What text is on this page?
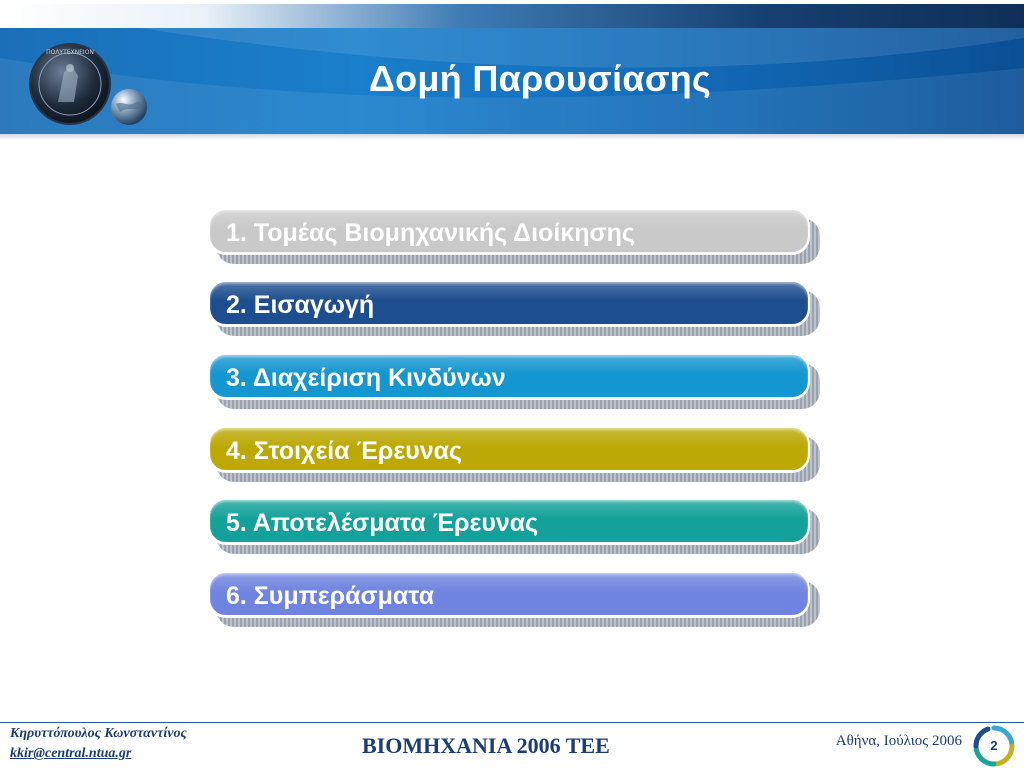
ΠΟΛΥΤΕΧΝΕΙΟΝ
Δομή Παρουσίασης
1. Τομέας Βιομηχανικής Διοίκησης
2. Εισαγωγή
3. Διαχείριση Κινδύνων
4. Στοιχεία Έρευνας
5. Αποτελέσματα Έρευνας
6. Συμπεράσματα
Κηρυττόπουλος Κωνσταντίνος
kkir@central.ntua.gr	ΒΙΟΜΗΧΑΝΙΑ 2006 ΤΕΕ	Αθήνα, Ιούλιος 2006	2
